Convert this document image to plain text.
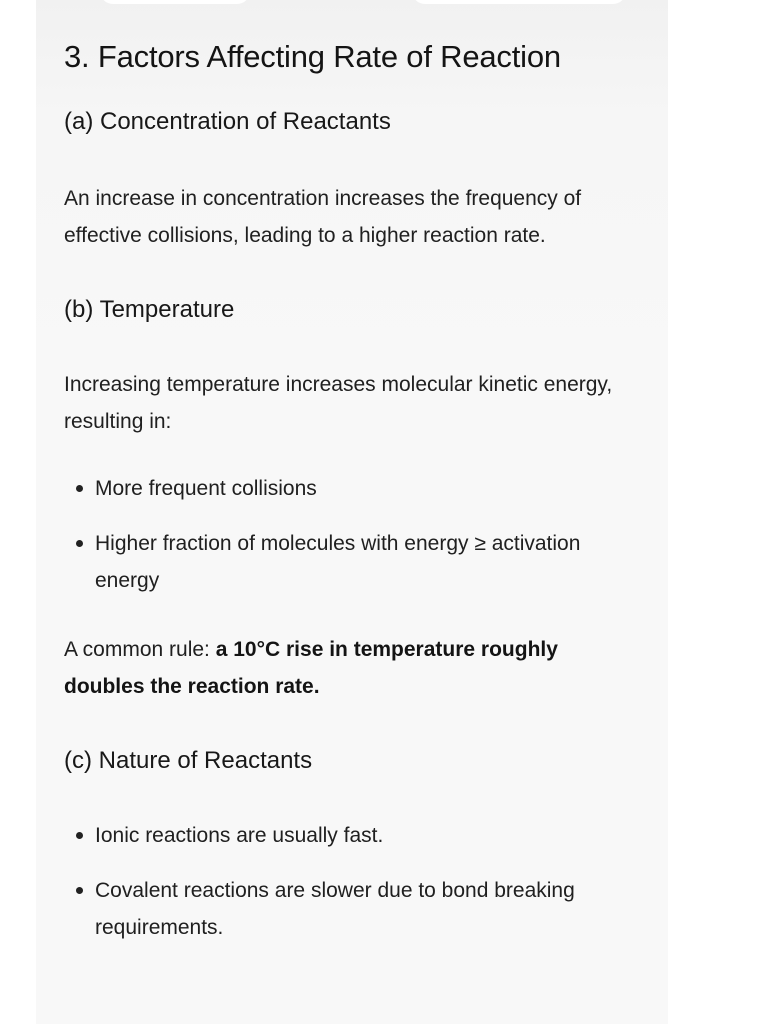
3. Factors Affecting Rate of Reaction
(a) Concentration of Reactants

An increase in concentration increases the frequency of effective collisions, leading to a higher reaction rate.

(b) Temperature

Increasing temperature increases molecular kinetic energy, resulting in:

More frequent collisions
Higher fraction of molecules with energy ≥ activation energy

A common rule: a 10°C rise in temperature roughly doubles the reaction rate.

(c) Nature of Reactants
Ionic reactions are usually fast.
Covalent reactions are slower due to bond breaking requirements.
